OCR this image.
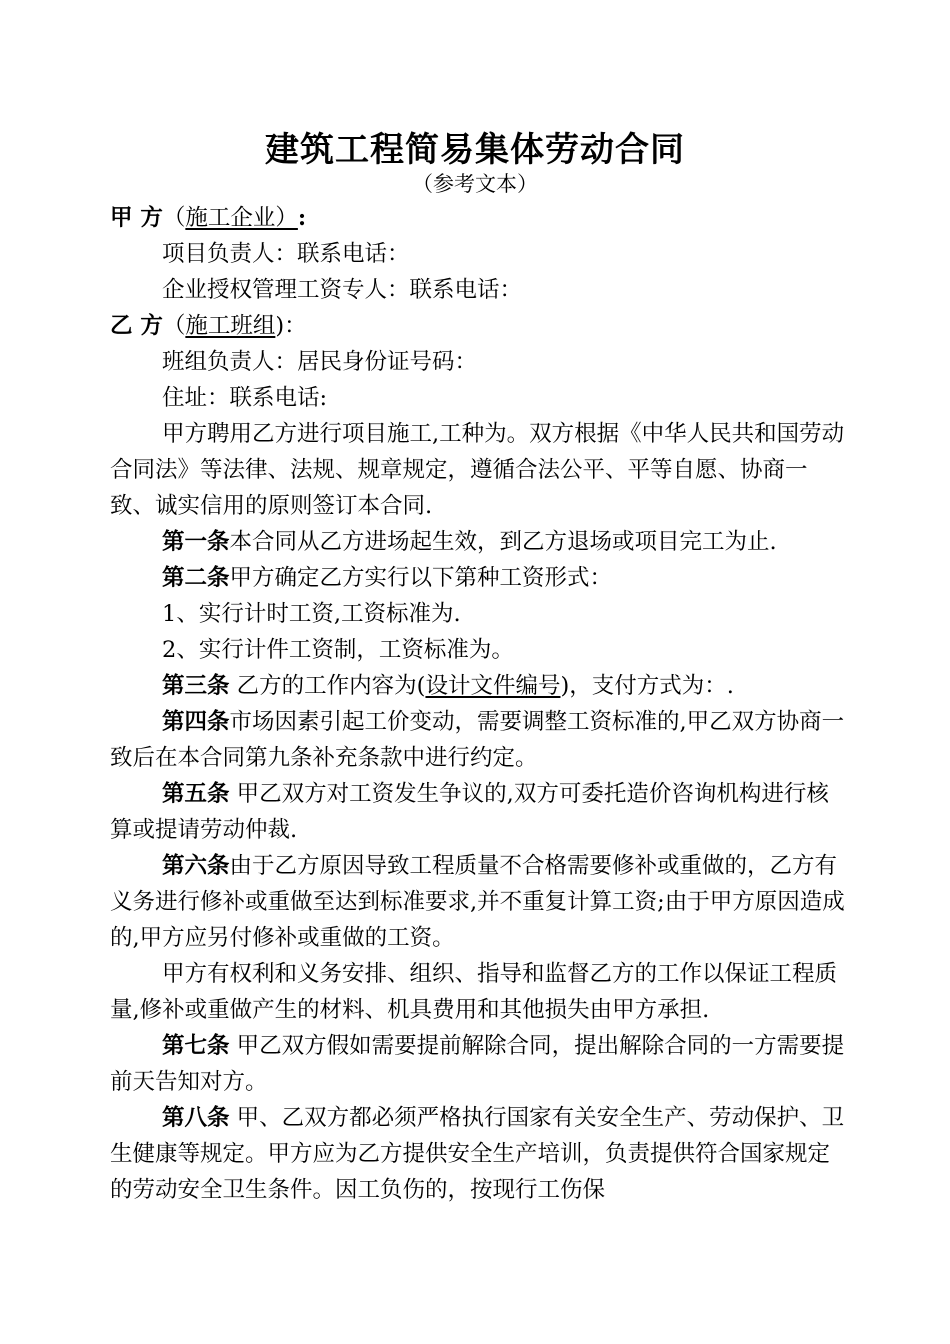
建筑工程简易集体劳动合同
（参考文本）

甲 方（施工企业）:

项目负责人：联系电话：

企业授权管理工资专人：联系电话：

乙 方（施工班组)：

班组负责人：居民身份证号码：

住址：联系电话:

甲方聘用乙方进行项目施工,工种为。双方根据《中华人民共和国劳动合同法》等法律、法规、规章规定，遵循合法公平、平等自愿、协商一致、诚实信用的原则签订本合同.

第一条本合同从乙方进场起生效，到乙方退场或项目完工为止.

第二条甲方确定乙方实行以下第种工资形式：

1、实行计时工资,工资标准为.

2、实行计件工资制，工资标准为。

第三条 乙方的工作内容为(设计文件编号)，支付方式为：.

第四条市场因素引起工价变动，需要调整工资标准的,甲乙双方协商一致后在本合同第九条补充条款中进行约定。

第五条 甲乙双方对工资发生争议的,双方可委托造价咨询机构进行核算或提请劳动仲裁.

第六条由于乙方原因导致工程质量不合格需要修补或重做的，乙方有义务进行修补或重做至达到标准要求,并不重复计算工资;由于甲方原因造成的,甲方应另付修补或重做的工资。

甲方有权利和义务安排、组织、指导和监督乙方的工作以保证工程质量,修补或重做产生的材料、机具费用和其他损失由甲方承担.

第七条 甲乙双方假如需要提前解除合同，提出解除合同的一方需要提前天告知对方。

第八条 甲、乙双方都必须严格执行国家有关安全生产、劳动保护、卫生健康等规定。甲方应为乙方提供安全生产培训，负责提供符合国家规定的劳动安全卫生条件。因工负伤的，按现行工伤保
